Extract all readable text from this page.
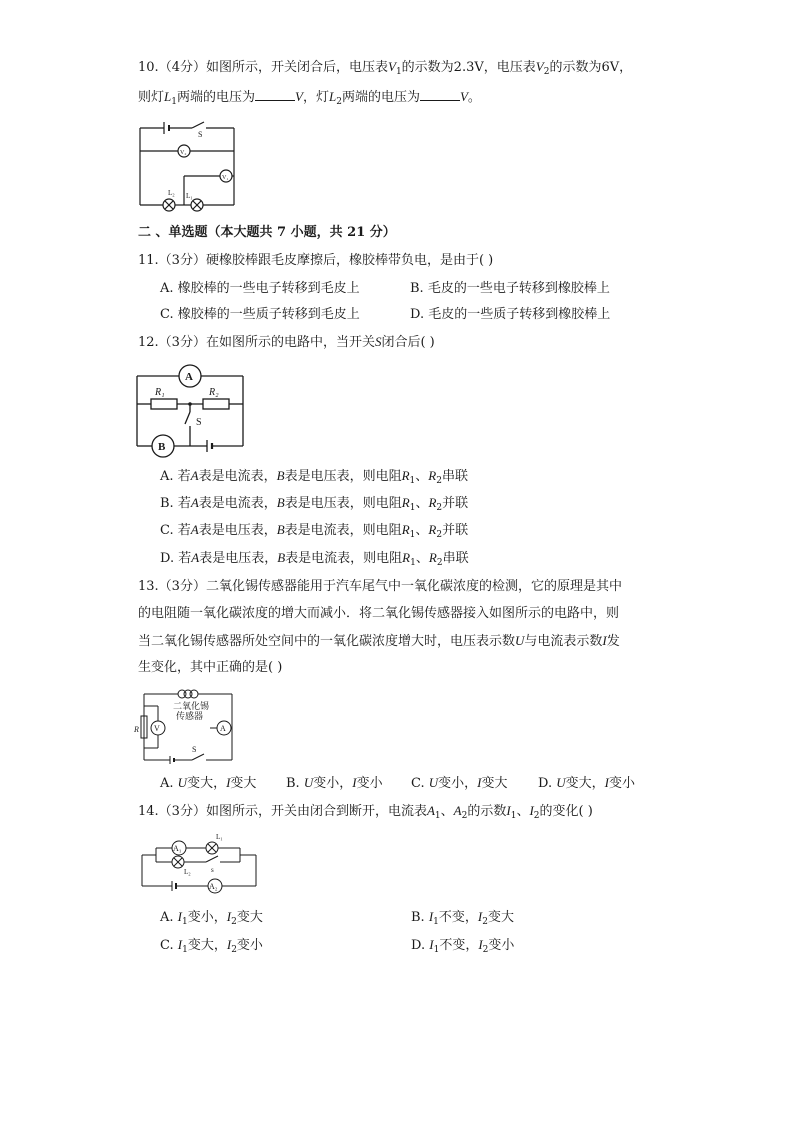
10.（4分）如图所示，开关闭合后，电压表$V_1$的示数为2.3V，电压表$V_2$的示数为6V，
则灯$L_1$两端的电压为	V，灯$L_2$两端的电压为	V。
S
V₂
V₁
L₂ L₁
二 、单选题（本大题共 7 小题，共 21 分）
11.（3分）硬橡胶棒跟毛皮摩擦后，橡胶棒带负电，是由于( )
A. 橡胶棒的一些电子转移到毛皮上	B. 毛皮的一些电子转移到橡胶棒上
C. 橡胶棒的一些质子转移到毛皮上	D. 毛皮的一些质子转移到橡胶棒上
12.（3分）在如图所示的电路中，当开关S闭合后( )
A
B
R₁	R₂
S
A. 若A表是电流表，B表是电压表，则电阻$R_1$、$R_2$串联
B. 若A表是电流表，B表是电压表，则电阻$R_1$、$R_2$并联
C. 若A表是电压表，B表是电流表，则电阻$R_1$、$R_2$并联
D. 若A表是电压表，B表是电流表，则电阻$R_1$、$R_2$串联
13.（3分）二氧化锡传感器能用于汽车尾气中一氧化碳浓度的检测，它的原理是其中
的电阻随一氧化碳浓度的增大而减小．将二氧化锡传感器接入如图所示的电路中，则
当二氧化锡传感器所处空间中的一氧化碳浓度增大时，电压表示数U与电流表示数I发
生变化，其中正确的是( )
二氧化锡
传感器
R V	A
S
A. U变大，I变大 B. U变小，I变小 C. U变小，I变大 D. U变大，I变小
14.（3分）如图所示，开关由闭合到断开，电流表$A_1$、$A_2$的示数$I_1$、$I_2$的变化( )
A₁
A₂
L₁
L₂	s
A. $I_1$变小，$I_2$变大	B. $I_1$不变，$I_2$变大
C. $I_1$变大，$I_2$变小	D. $I_1$不变，$I_2$变小
